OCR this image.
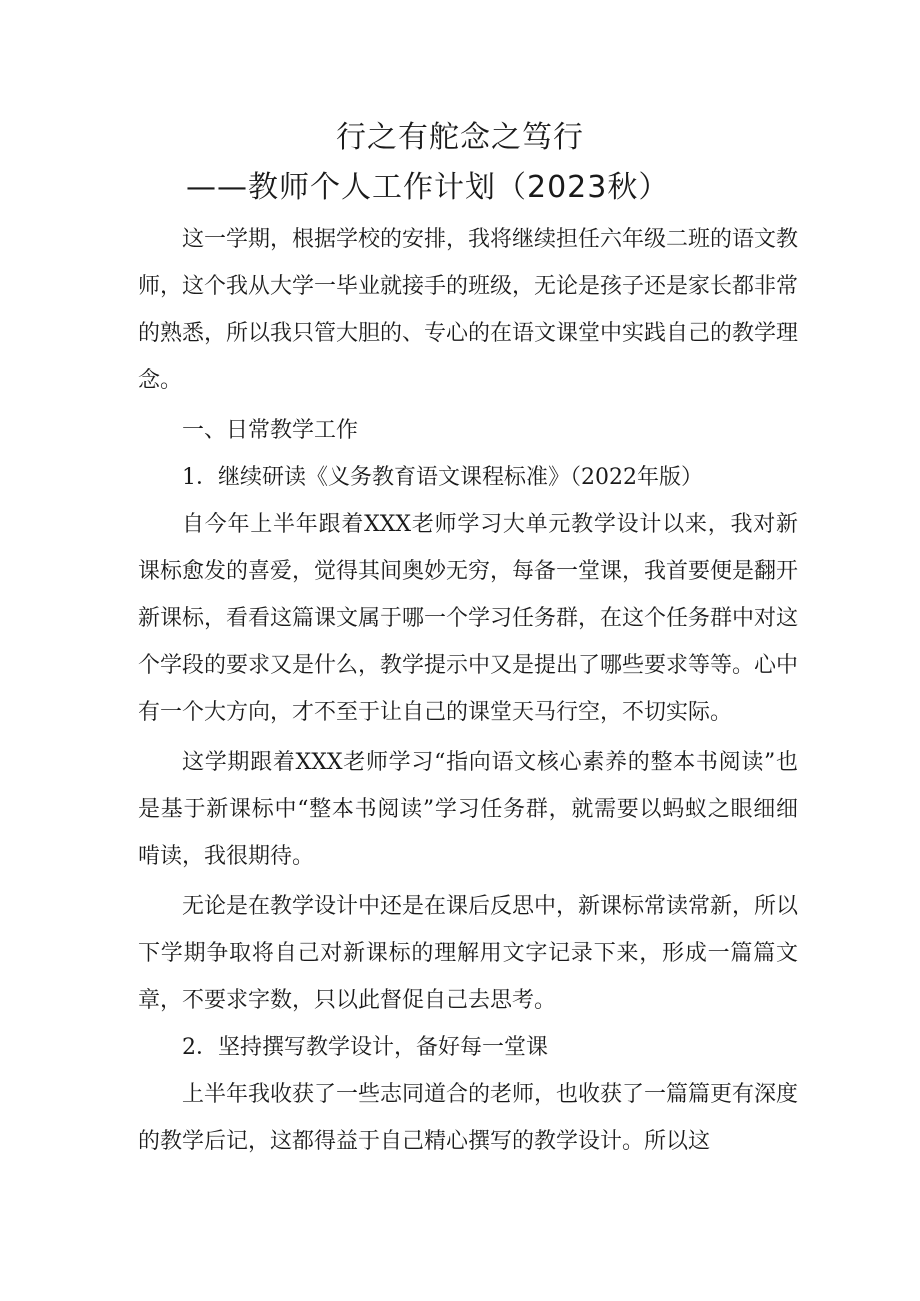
行之有舵念之笃行
——教师个人工作计划（2023秋）

这一学期，根据学校的安排，我将继续担任六年级二班的语文教师，这个我从大学一毕业就接手的班级，无论是孩子还是家长都非常的熟悉，所以我只管大胆的、专心的在语文课堂中实践自己的教学理念。

一、日常教学工作

1．继续研读《义务教育语文课程标准》（2022年版）

自今年上半年跟着XXX老师学习大单元教学设计以来，我对新课标愈发的喜爱，觉得其间奥妙无穷，每备一堂课，我首要便是翻开新课标，看看这篇课文属于哪一个学习任务群，在这个任务群中对这个学段的要求又是什么，教学提示中又是提出了哪些要求等等。心中有一个大方向，才不至于让自己的课堂天马行空，不切实际。

这学期跟着XXX老师学习“指向语文核心素养的整本书阅读”也是基于新课标中“整本书阅读”学习任务群，就需要以蚂蚁之眼细细啃读，我很期待。

无论是在教学设计中还是在课后反思中，新课标常读常新，所以下学期争取将自己对新课标的理解用文字记录下来，形成一篇篇文章，不要求字数，只以此督促自己去思考。

2．坚持撰写教学设计，备好每一堂课

上半年我收获了一些志同道合的老师，也收获了一篇篇更有深度的教学后记，这都得益于自己精心撰写的教学设计。所以这
